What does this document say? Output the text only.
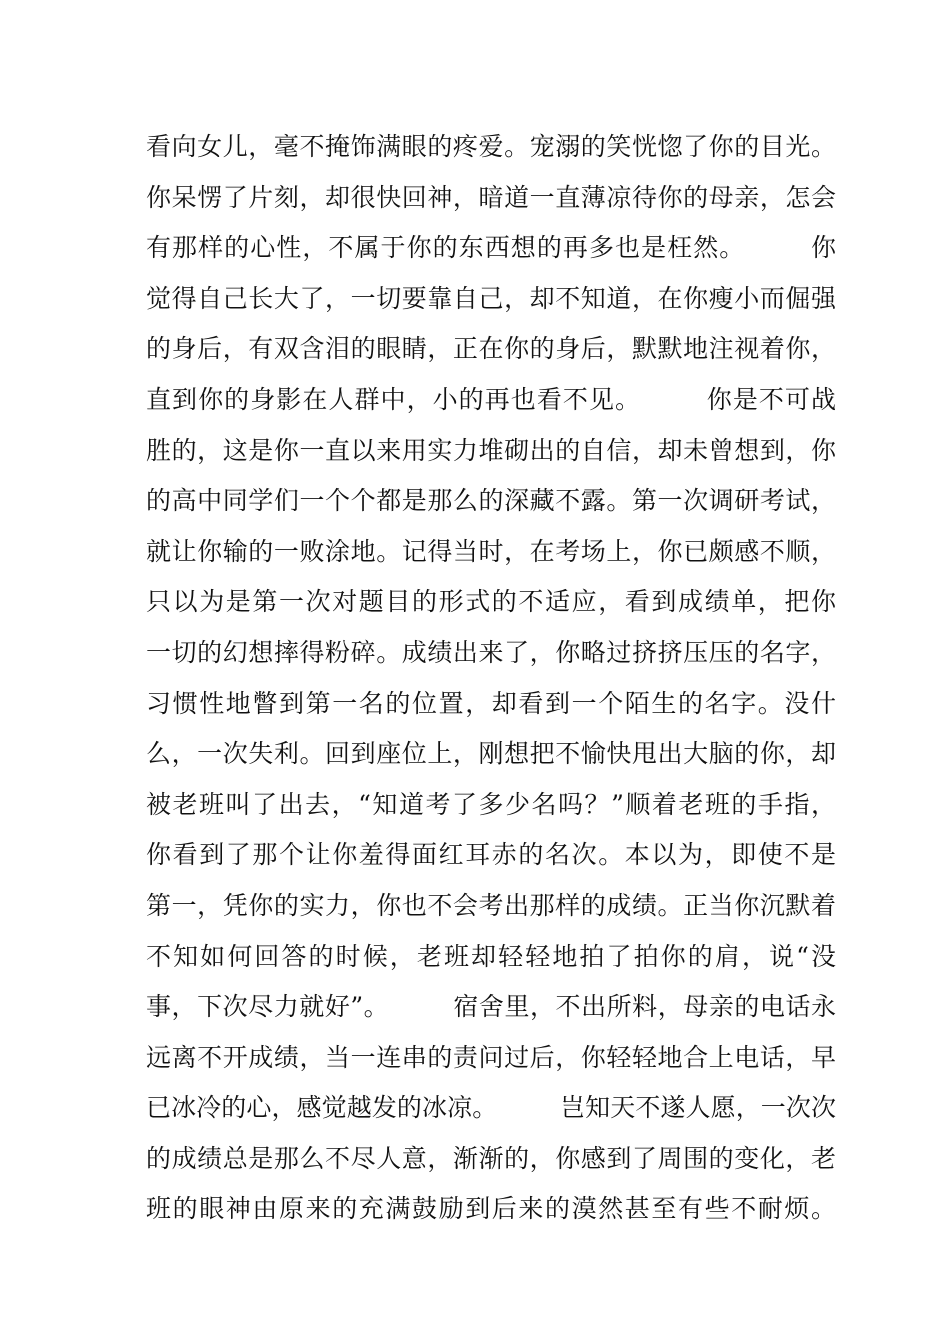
看向女儿，毫不掩饰满眼的疼爱。宠溺的笑恍惚了你的目光。
你呆愣了片刻，却很快回神，暗道一直薄凉待你的母亲，怎会
有那样的心性，不属于你的东西想的再多也是枉然。　　　你
觉得自己长大了，一切要靠自己，却不知道，在你瘦小而倔强
的身后，有双含泪的眼睛，正在你的身后，默默地注视着你，
直到你的身影在人群中，小的再也看不见。　　　你是不可战
胜的，这是你一直以来用实力堆砌出的自信，却未曾想到，你
的高中同学们一个个都是那么的深藏不露。第一次调研考试，
就让你输的一败涂地。记得当时，在考场上，你已颇感不顺，
只以为是第一次对题目的形式的不适应，看到成绩单，把你
一切的幻想摔得粉碎。成绩出来了，你略过挤挤压压的名字，
习惯性地瞥到第一名的位置，却看到一个陌生的名字。没什
么，一次失利。回到座位上，刚想把不愉快甩出大脑的你，却
被老班叫了出去，“知道考了多少名吗？”顺着老班的手指，
你看到了那个让你羞得面红耳赤的名次。本以为，即使不是
第一，凭你的实力，你也不会考出那样的成绩。正当你沉默着
不知如何回答的时候，老班却轻轻地拍了拍你的肩，说“没
事，下次尽力就好”。　　　宿舍里，不出所料，母亲的电话永
远离不开成绩，当一连串的责问过后，你轻轻地合上电话，早
已冰冷的心，感觉越发的冰凉。　　　岂知天不遂人愿，一次次
的成绩总是那么不尽人意，渐渐的，你感到了周围的变化，老
班的眼神由原来的充满鼓励到后来的漠然甚至有些不耐烦。
